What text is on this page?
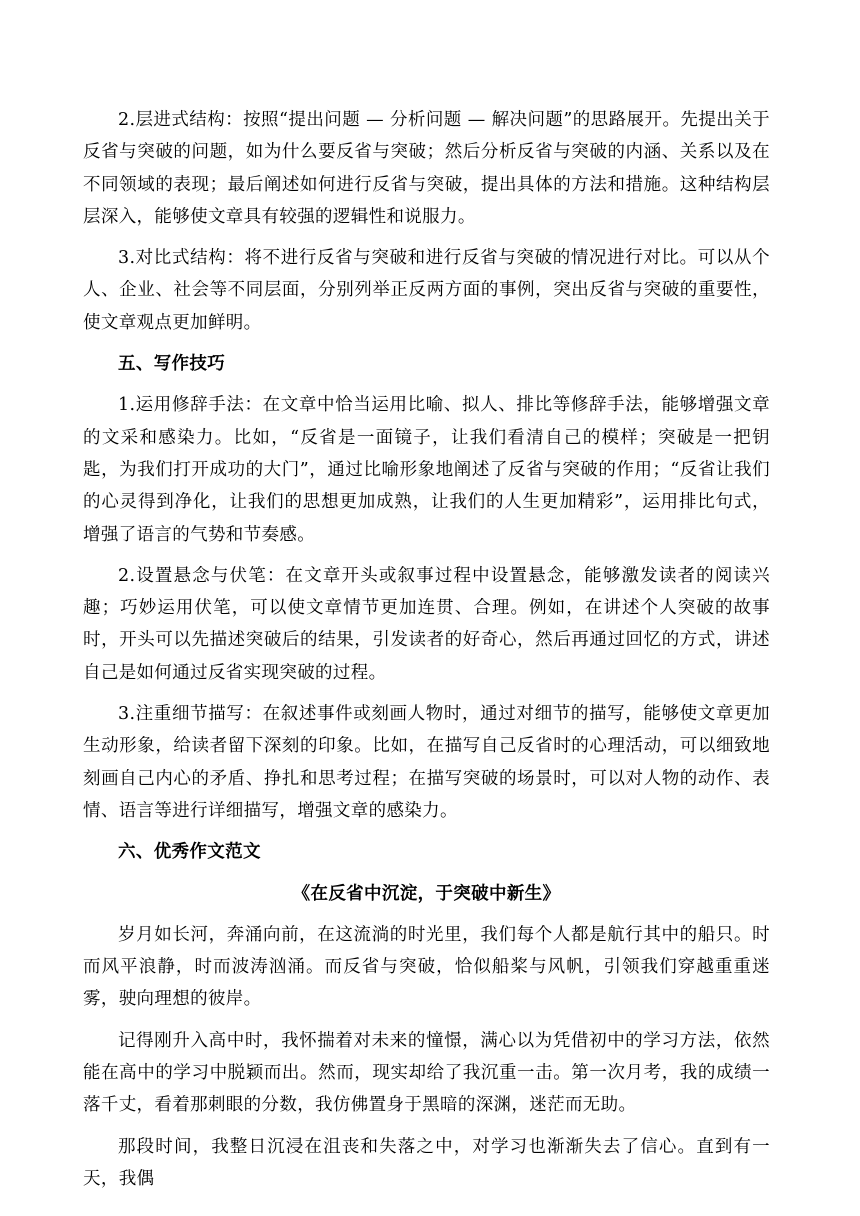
2.层进式结构：按照“提出问题 — 分析问题 — 解决问题”的思路展开。先提出关于反省与突破的问题，如为什么要反省与突破；然后分析反省与突破的内涵、关系以及在不同领域的表现；最后阐述如何进行反省与突破，提出具体的方法和措施。这种结构层层深入，能够使文章具有较强的逻辑性和说服力。

3.对比式结构：将不进行反省与突破和进行反省与突破的情况进行对比。可以从个人、企业、社会等不同层面，分别列举正反两方面的事例，突出反省与突破的重要性，使文章观点更加鲜明。

五、写作技巧

1.运用修辞手法：在文章中恰当运用比喻、拟人、排比等修辞手法，能够增强文章的文采和感染力。比如，“反省是一面镜子，让我们看清自己的模样；突破是一把钥匙，为我们打开成功的大门”，通过比喻形象地阐述了反省与突破的作用；“反省让我们的心灵得到净化，让我们的思想更加成熟，让我们的人生更加精彩”，运用排比句式，增强了语言的气势和节奏感。

2.设置悬念与伏笔：在文章开头或叙事过程中设置悬念，能够激发读者的阅读兴趣；巧妙运用伏笔，可以使文章情节更加连贯、合理。例如，在讲述个人突破的故事时，开头可以先描述突破后的结果，引发读者的好奇心，然后再通过回忆的方式，讲述自己是如何通过反省实现突破的过程。

3.注重细节描写：在叙述事件或刻画人物时，通过对细节的描写，能够使文章更加生动形象，给读者留下深刻的印象。比如，在描写自己反省时的心理活动，可以细致地刻画自己内心的矛盾、挣扎和思考过程；在描写突破的场景时，可以对人物的动作、表情、语言等进行详细描写，增强文章的感染力。

六、优秀作文范文

《在反省中沉淀，于突破中新生》

岁月如长河，奔涌向前，在这流淌的时光里，我们每个人都是航行其中的船只。时而风平浪静，时而波涛汹涌。而反省与突破，恰似船桨与风帆，引领我们穿越重重迷雾，驶向理想的彼岸。

记得刚升入高中时，我怀揣着对未来的憧憬，满心以为凭借初中的学习方法，依然能在高中的学习中脱颖而出。然而，现实却给了我沉重一击。第一次月考，我的成绩一落千丈，看着那刺眼的分数，我仿佛置身于黑暗的深渊，迷茫而无助。

那段时间，我整日沉浸在沮丧和失落之中，对学习也渐渐失去了信心。直到有一天，我偶
